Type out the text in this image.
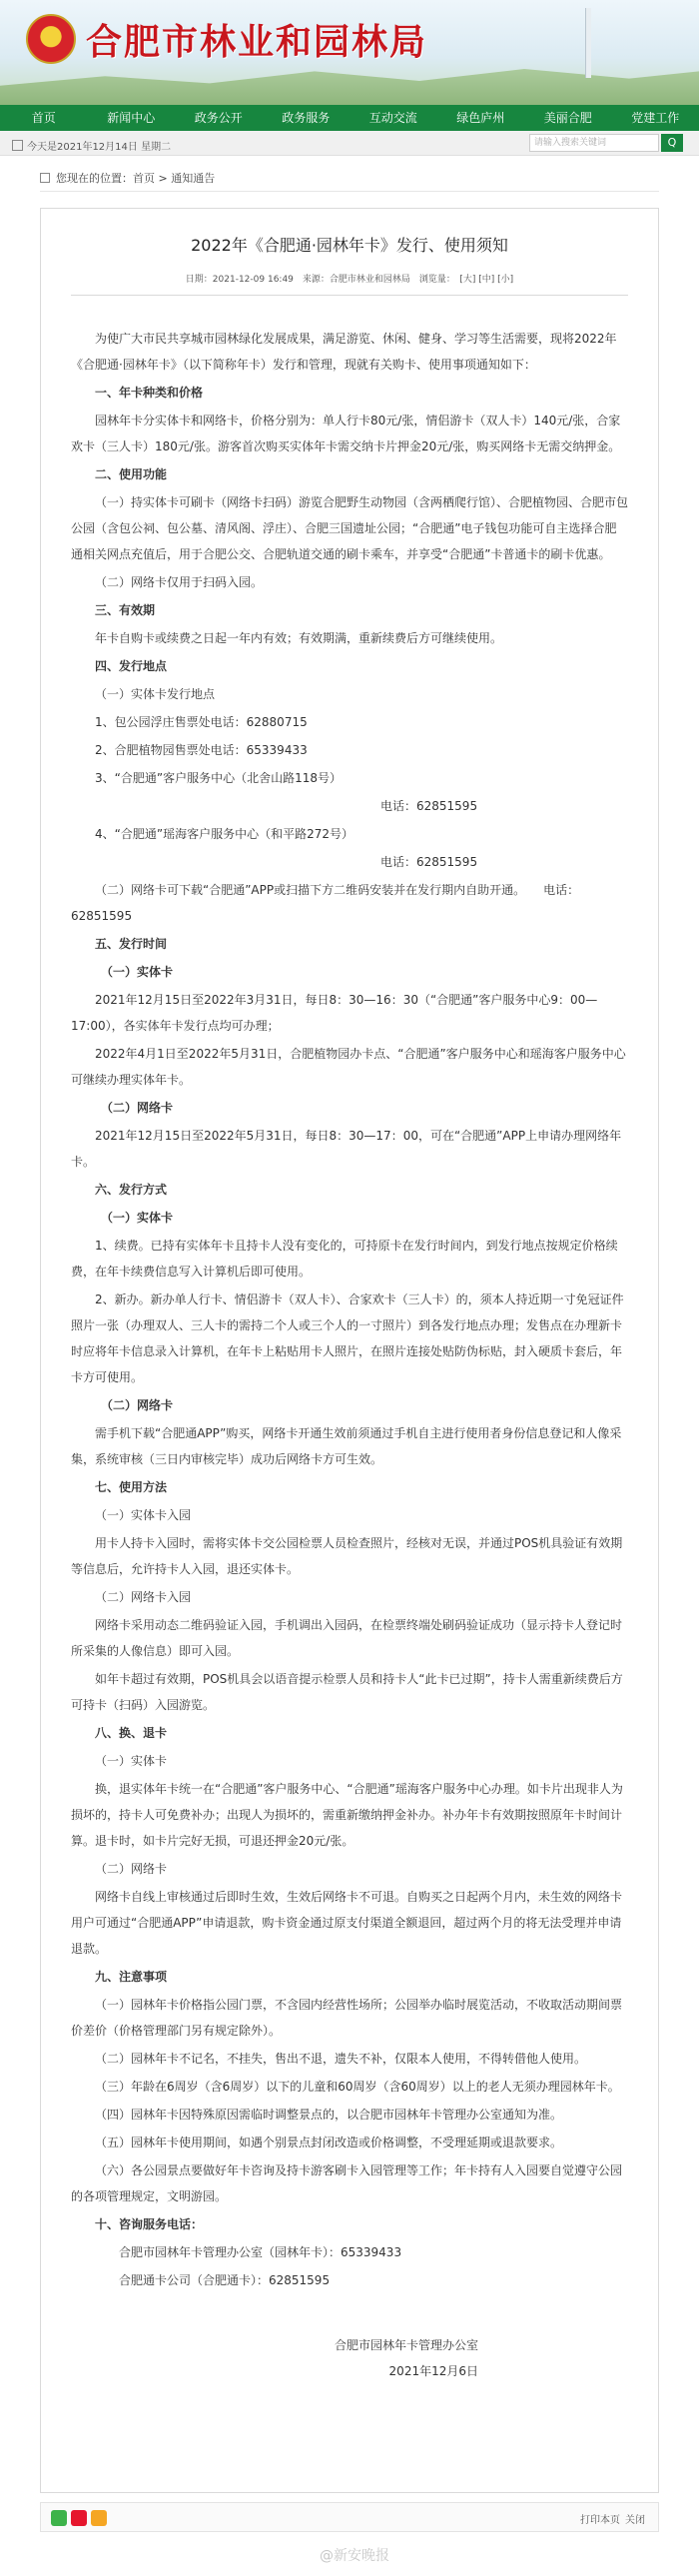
合肥市林业和园林局
首页	新闻中心	政务公开	政务服务	互动交流	绿色庐州	美丽合肥	党建工作
今天是2021年12月14日 星期二	请输入搜索关键词	Q
您现在的位置：首页 > 通知通告
2022年《合肥通·园林年卡》发行、使用须知
日期：2021-12-09 16:49　来源：合肥市林业和园林局　浏览量：　[大] [中] [小]

为使广大市民共享城市园林绿化发展成果，满足游览、休闲、健身、学习等生活需要，现将2022年《合肥通·园林年卡》（以下简称年卡）发行和管理，现就有关购卡、使用事项通知如下：

一、年卡种类和价格

园林年卡分实体卡和网络卡，价格分别为：单人行卡80元/张，情侣游卡（双人卡）140元/张，合家欢卡（三人卡）180元/张。游客首次购买实体年卡需交纳卡片押金20元/张，购买网络卡无需交纳押金。

二、使用功能

（一）持实体卡可刷卡（网络卡扫码）游览合肥野生动物园（含两栖爬行馆）、合肥植物园、合肥市包公园（含包公祠、包公墓、清风阁、浮庄）、合肥三国遗址公园；“合肥通”电子钱包功能可自主选择合肥通相关网点充值后，用于合肥公交、合肥轨道交通的刷卡乘车，并享受“合肥通”卡普通卡的刷卡优惠。

（二）网络卡仅用于扫码入园。

三、有效期

年卡自购卡或续费之日起一年内有效；有效期满，重新续费后方可继续使用。

四、发行地点

（一）实体卡发行地点

1、包公园浮庄售票处电话：62880715

2、合肥植物园售票处电话：65339433

3、“合肥通”客户服务中心（北舍山路118号）

电话：62851595

4、“合肥通”瑶海客户服务中心（和平路272号）

电话：62851595

（二）网络卡可下载“合肥通”APP或扫描下方二维码安装并在发行期内自助开通。　　电话：62851595

五、发行时间

（一）实体卡

2021年12月15日至2022年3月31日，每日8：30—16：30（“合肥通”客户服务中心9：00—17:00），各实体年卡发行点均可办理；

2022年4月1日至2022年5月31日，合肥植物园办卡点、“合肥通”客户服务中心和瑶海客户服务中心可继续办理实体年卡。

（二）网络卡

2021年12月15日至2022年5月31日，每日8：30—17：00，可在“合肥通”APP上申请办理网络年卡。

六、发行方式

（一）实体卡

1、续费。已持有实体年卡且持卡人没有变化的，可持原卡在发行时间内，到发行地点按规定价格续费，在年卡续费信息写入计算机后即可使用。

2、新办。新办单人行卡、情侣游卡（双人卡）、合家欢卡（三人卡）的，须本人持近期一寸免冠证件照片一张（办理双人、三人卡的需持二个人或三个人的一寸照片）到各发行地点办理；发售点在办理新卡时应将年卡信息录入计算机，在年卡上粘贴用卡人照片，在照片连接处贴防伪标贴，封入硬质卡套后，年卡方可使用。

（二）网络卡

需手机下载“合肥通APP”购买，网络卡开通生效前须通过手机自主进行使用者身份信息登记和人像采集，系统审核（三日内审核完毕）成功后网络卡方可生效。

七、使用方法

（一）实体卡入园

用卡人持卡入园时，需将实体卡交公园检票人员检查照片，经核对无误，并通过POS机具验证有效期等信息后，允许持卡人入园，退还实体卡。

（二）网络卡入园

网络卡采用动态二维码验证入园，手机调出入园码，在检票终端处刷码验证成功（显示持卡人登记时所采集的人像信息）即可入园。

如年卡超过有效期，POS机具会以语音提示检票人员和持卡人“此卡已过期”，持卡人需重新续费后方可持卡（扫码）入园游览。

八、换、退卡

（一）实体卡

换，退实体年卡统一在“合肥通”客户服务中心、“合肥通”瑶海客户服务中心办理。如卡片出现非人为损坏的，持卡人可免费补办；出现人为损坏的，需重新缴纳押金补办。补办年卡有效期按照原年卡时间计算。退卡时，如卡片完好无损，可退还押金20元/张。

（二）网络卡

网络卡自线上审核通过后即时生效，生效后网络卡不可退。自购买之日起两个月内，未生效的网络卡用户可通过“合肥通APP”申请退款，购卡资金通过原支付渠道全额退回，超过两个月的将无法受理并申请退款。

九、注意事项

（一）园林年卡价格指公园门票，不含园内经营性场所；公园举办临时展览活动，不收取活动期间票价差价（价格管理部门另有规定除外）。

（二）园林年卡不记名，不挂失，售出不退，遗失不补，仅限本人使用，不得转借他人使用。

（三）年龄在6周岁（含6周岁）以下的儿童和60周岁（含60周岁）以上的老人无须办理园林年卡。

（四）园林年卡因特殊原因需临时调整景点的，以合肥市园林年卡管理办公室通知为准。

（五）园林年卡使用期间，如遇个别景点封闭改造或价格调整，不受理延期或退款要求。

（六）各公园景点要做好年卡咨询及持卡游客刷卡入园管理等工作；年卡持有人入园要自觉遵守公园的各项管理规定，文明游园。

十、咨询服务电话：

合肥市园林年卡管理办公室（园林年卡）：65339433

合肥通卡公司（合肥通卡）：62851595

合肥市园林年卡管理办公室

2021年12月6日

打印本页 关闭
@新安晚报
